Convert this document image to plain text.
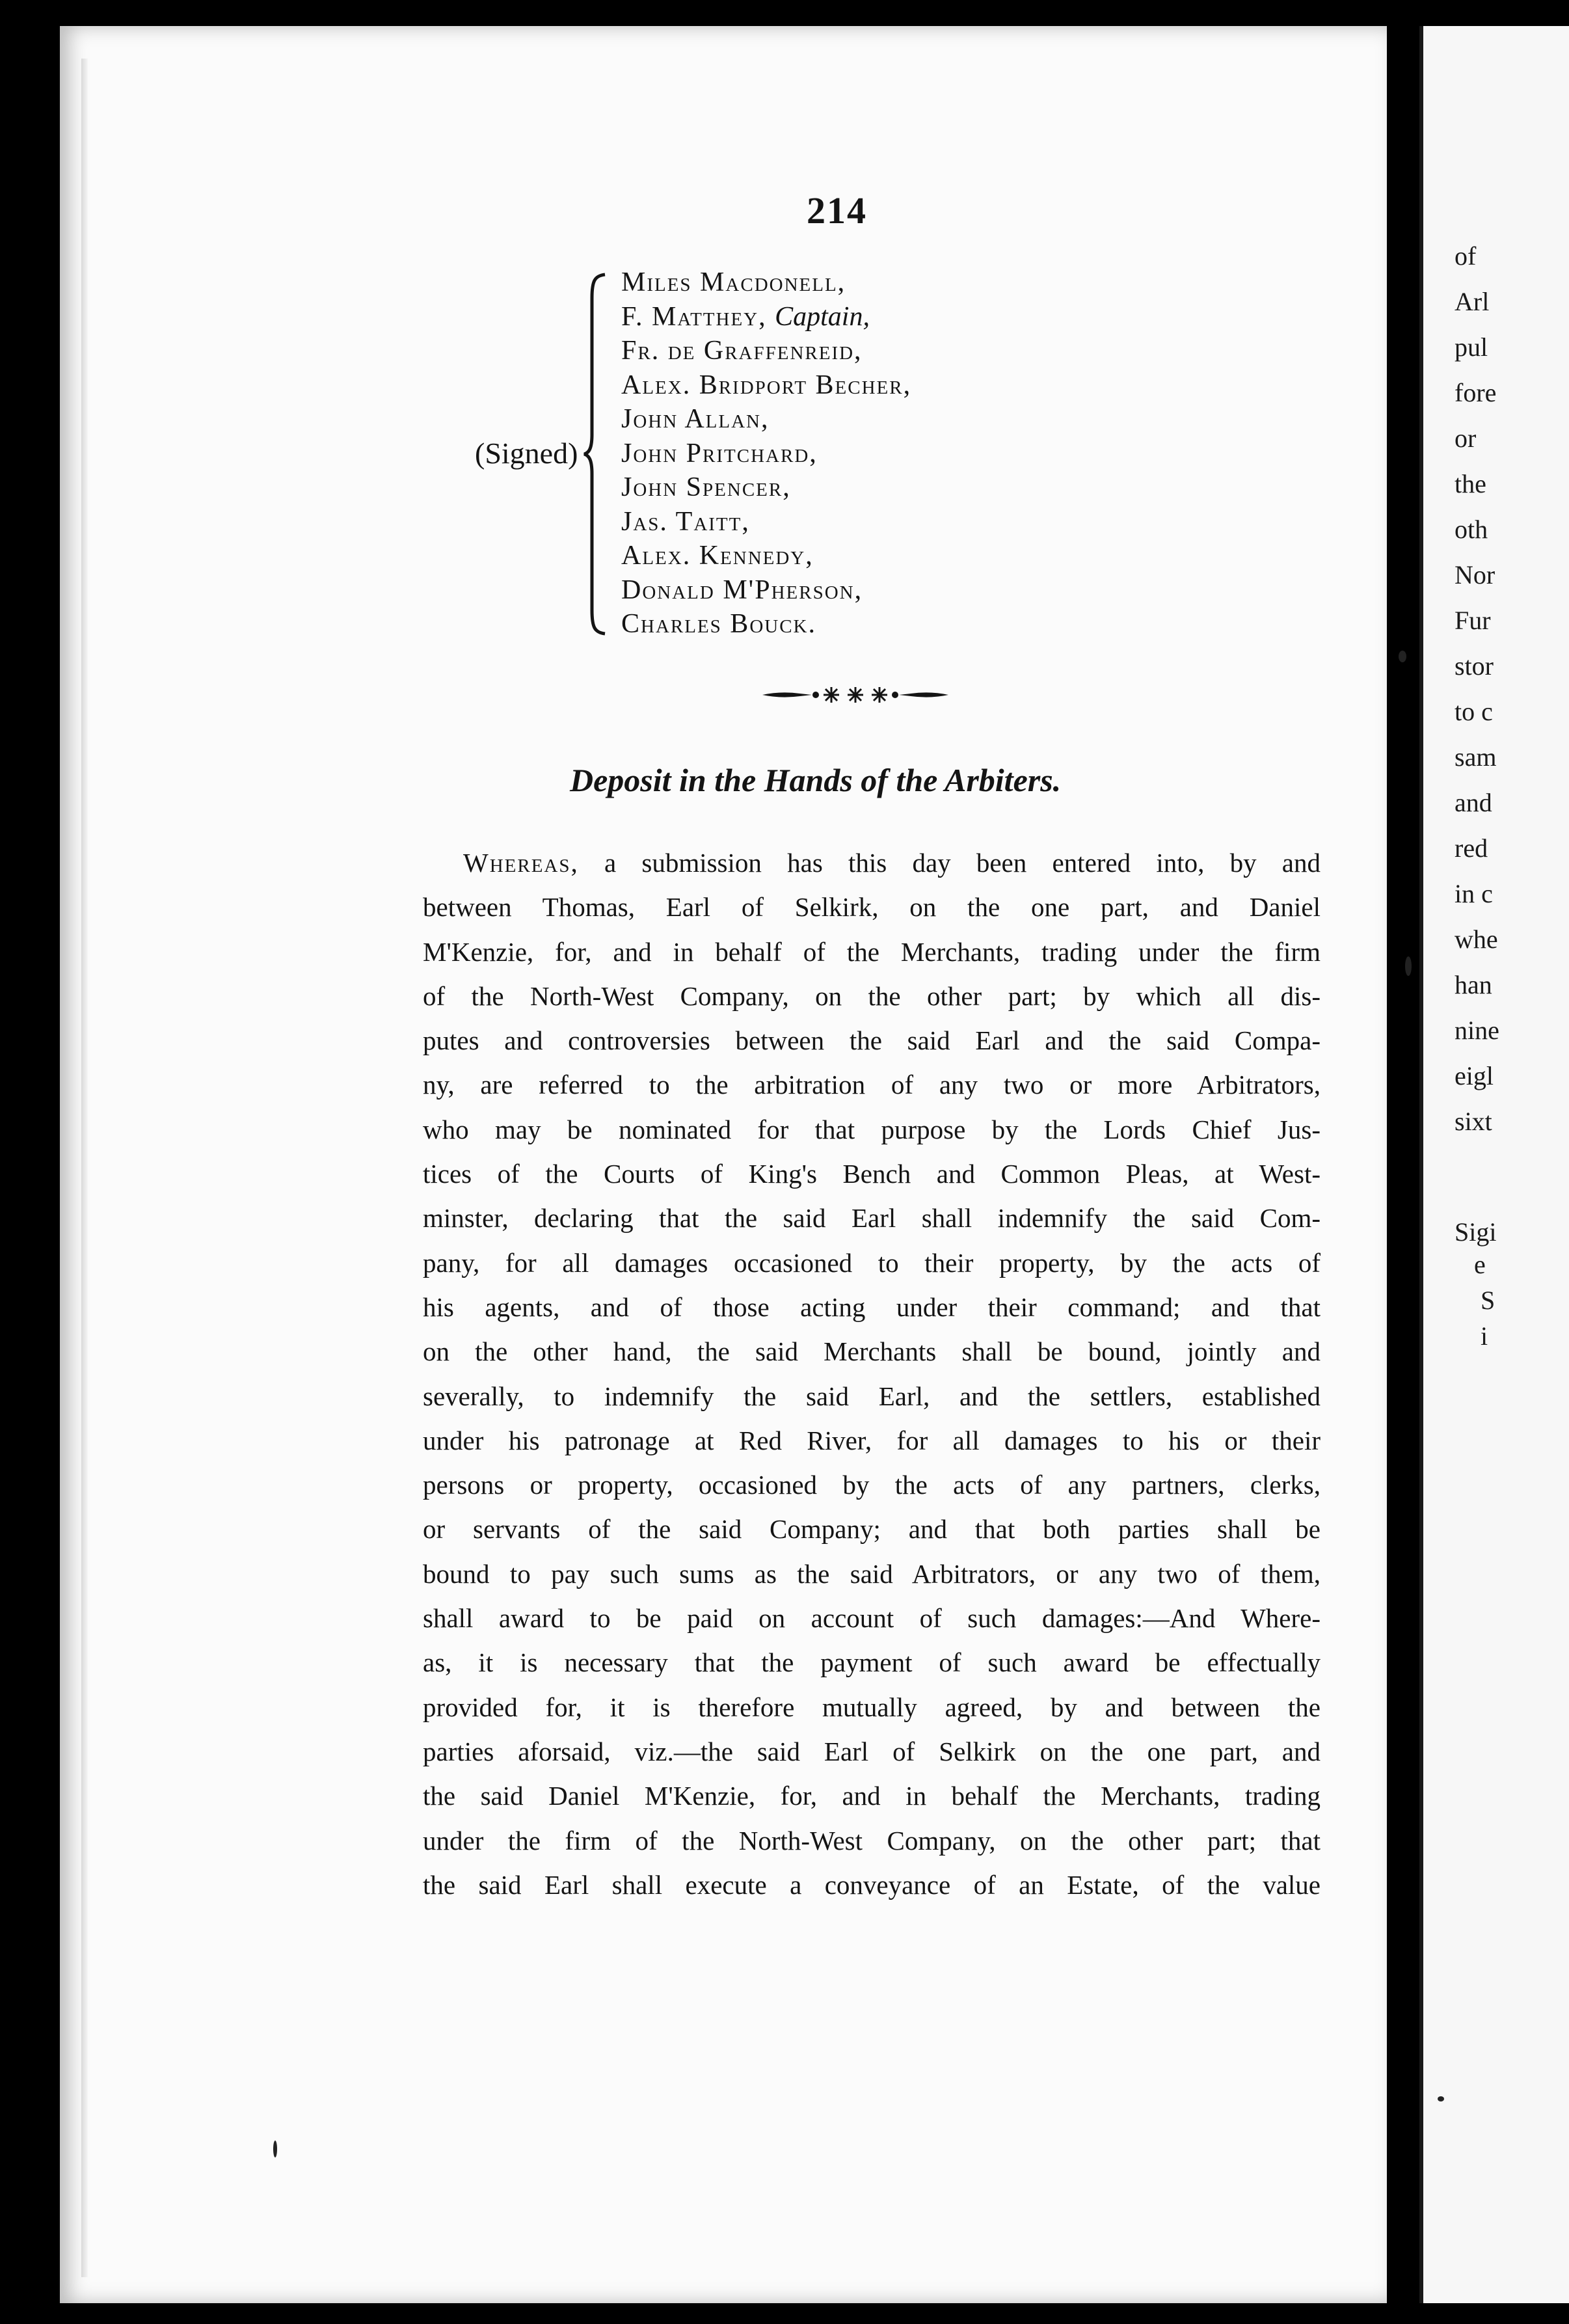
of
Arl
pul
fore
or
the
oth
Nor
Fur
stor
to c
sam
and
red
in c
whe
han
nine
eigl
sixt
Sigi
e
S
i
214
(Signed)
Miles Macdonell,
F. Matthey, Captain,
Fr. de Graffenreid,
Alex. Bridport Becher,
John Allan,
John Pritchard,
John Spencer,
Jas. Taitt,
Alex. Kennedy,
Donald M'Pherson,
Charles Bouck.
Deposit in the Hands of the Arbiters.
Whereas, a submission has this day been entered into, by and
between Thomas, Earl of Selkirk, on the one part, and Daniel
M'Kenzie, for, and in behalf of the Merchants, trading under the firm
of the North-West Company, on the other part; by which all dis-
putes and controversies between the said Earl and the said Compa-
ny, are referred to the arbitration of any two or more Arbitrators,
who may be nominated for that purpose by the Lords Chief Jus-
tices of the Courts of King's Bench and Common Pleas, at West-
minster, declaring that the said Earl shall indemnify the said Com-
pany, for all damages occasioned to their property, by the acts of
his agents, and of those acting under their command; and that
on the other hand, the said Merchants shall be bound, jointly and
severally, to indemnify the said Earl, and the settlers, established
under his patronage at Red River, for all damages to his or their
persons or property, occasioned by the acts of any partners, clerks,
or servants of the said Company; and that both parties shall be
bound to pay such sums as the said Arbitrators, or any two of them,
shall award to be paid on account of such damages:—And Where-
as, it is necessary that the payment of such award be effectually
provided for, it is therefore mutually agreed, by and between the
parties aforsaid, viz.—the said Earl of Selkirk on the one part, and
the said Daniel M'Kenzie, for, and in behalf the Merchants, trading
under the firm of the North-West Company, on the other part; that
the said Earl shall execute a conveyance of an Estate, of the value
